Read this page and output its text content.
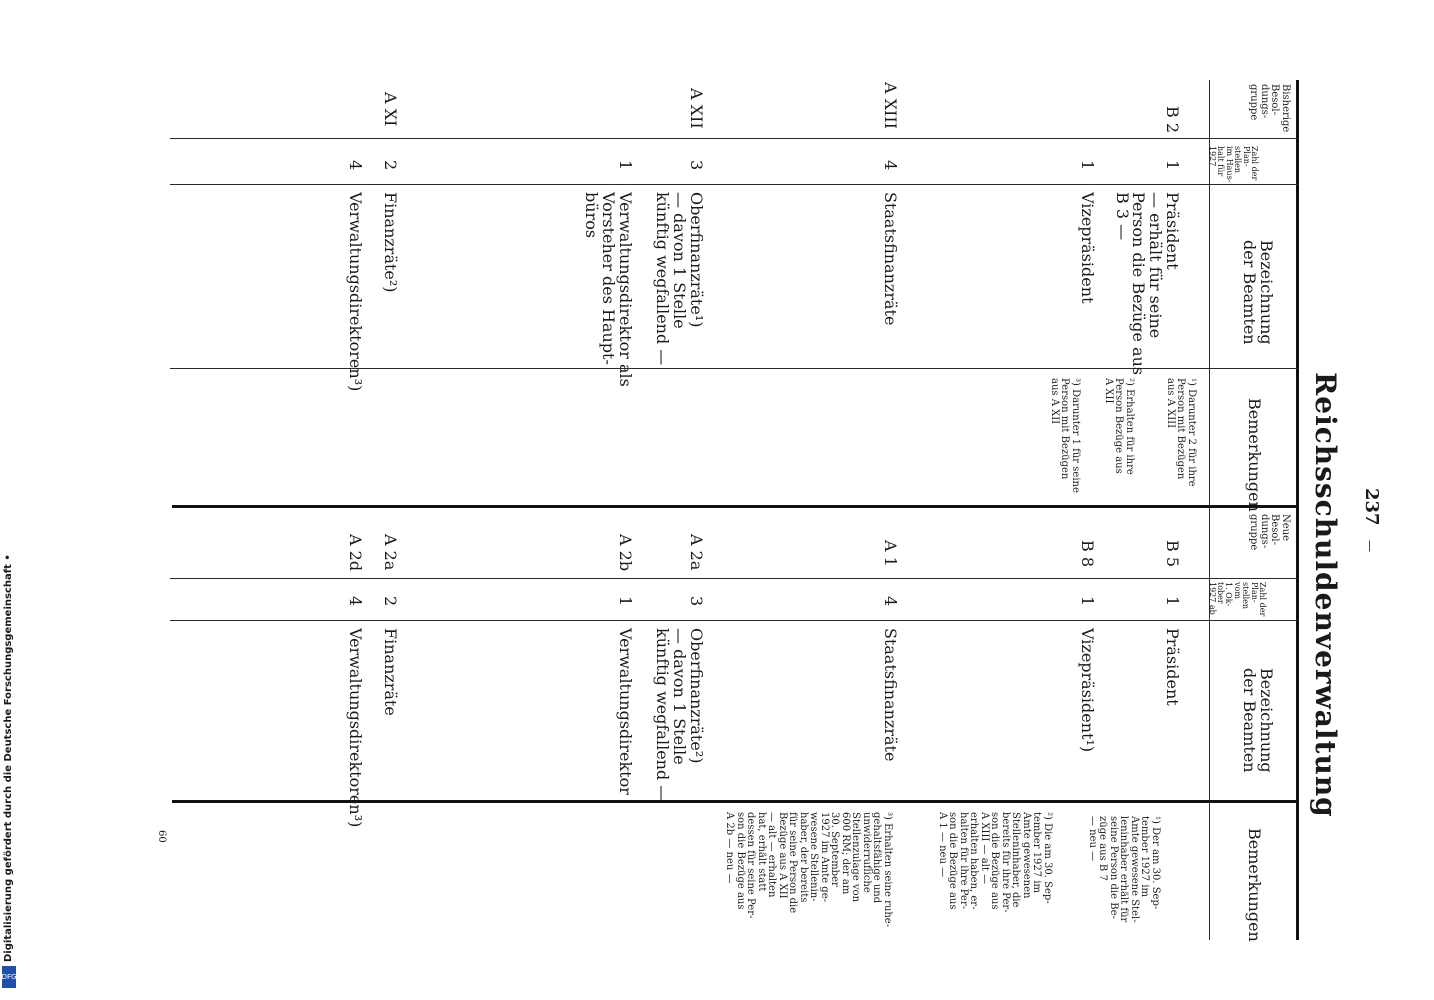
237
—
Reichsschuldenverwaltung
Bisherige
Besol-
dungs-
gruppe
Zahl der
Plan-
stellen
im Haus-
halt für
1927
Bezeichnung
der Beamten
Bemerkungen
B 2
1
Präsident
— erhält für seine
Person die Bezüge aus
B 3 —
1
Vizepräsident
A XIII
4
Staatsfinanzräte
A XII
3
Oberfinanzräte¹)
— davon 1 Stelle
künftig wegfallend —
1
Verwaltungsdirektor als
Vorsteher des Haupt-
büros
A XI
2
Finanzräte²)
4
Verwaltungsdirektoren³)	¹) Darunter 2 für ihre
Person mit Bezügen
aus A XIII
²) Erhalten für ihre
Person Bezüge aus
A XII
³) Darunter 1 für seine
Person mit Bezügen
aus A XII
Neue
Besol-
dungs-
gruppe
Zahl der
Plan-
stellen
vom
1. Ok-
tober
1927 ab
Bezeichnung
der Beamten
Bemerkungen
B 5
1
Präsident
B 8
1
Vizepräsident¹)
A 1
4
Staatsfinanzräte
A 2a
3
Oberfinanzräte²)
— davon 1 Stelle
künftig wegfallend —
A 2b
1
Verwaltungsdirektor
A 2a
2
Finanzräte
A 2d
4
Verwaltungsdirektoren³)	¹) Der am 30. Sep-
tember 1927 im
Amte gewesene Stel-
leninhaber erhält für
seine Person die Be-
züge aus B 7
— neu —
²) Die am 30. Sep-
tember 1927 im
Amte gewesenen
Stelleninhaber, die
bereits für ihre Per-
son die Bezüge aus
A XIII — alt —
erhalten haben, er-
halten für ihre Per-
son die Bezüge aus
A 1 — neu —
³) Erhalten seine ruhe-
gehaltsfähige und
unwiderrufliche
Stellenzulage von
600 RM; der am
30. September
1927 im Amte ge-
wesene Stellenin-
haber, der bereits
für seine Person die
Bezüge aus A XII
— alt — erhalten
hat, erhält statt
dessen für seine Per-
son die Bezüge aus
A 2b — neu —
60
Digitalisierung gefördert durch die Deutsche Forschungsgemeinschaft •
DFG
